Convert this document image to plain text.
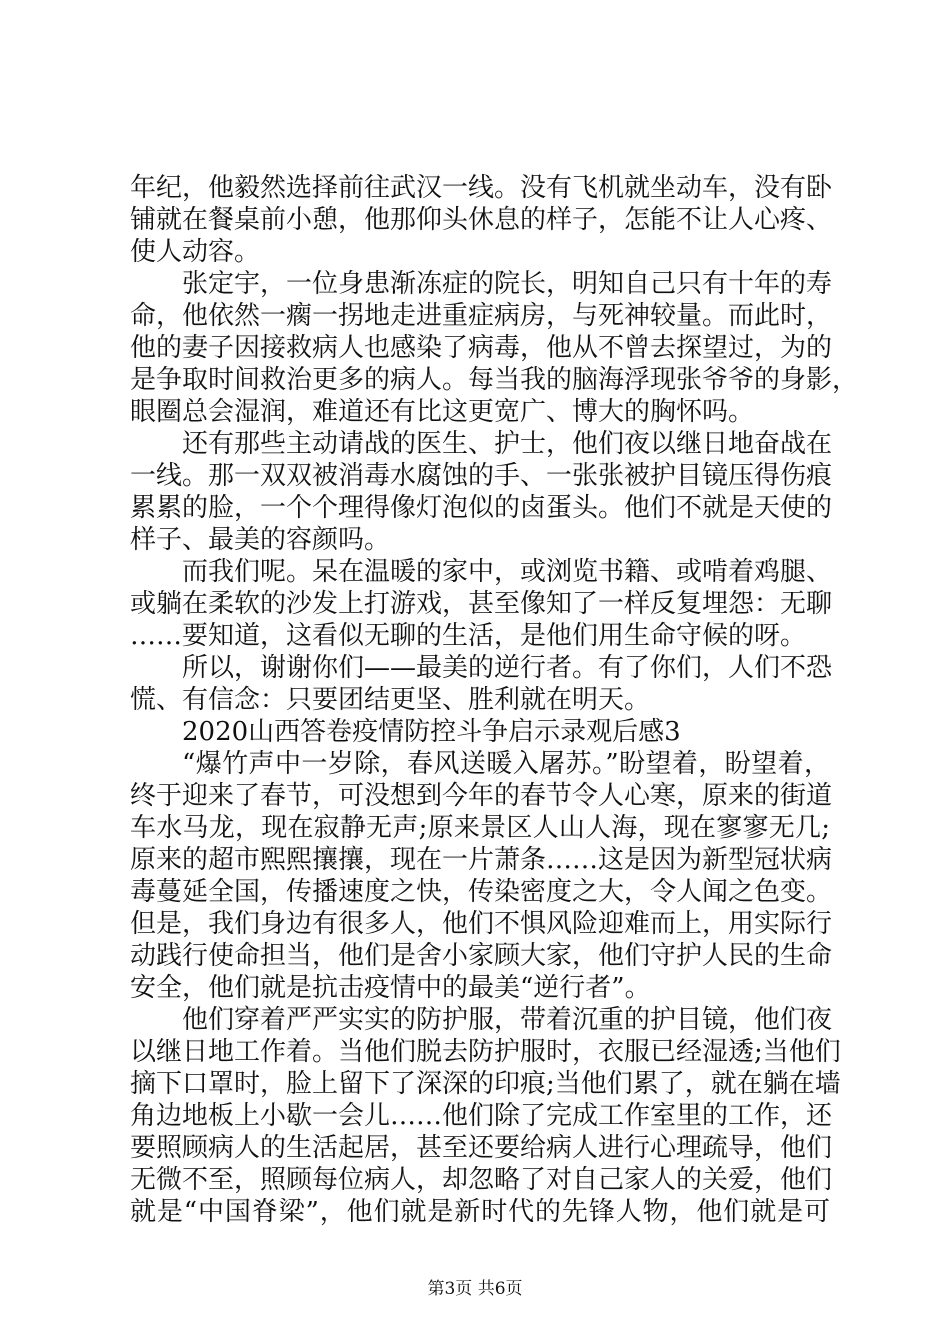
年纪，他毅然选择前往武汉一线。没有飞机就坐动车，没有卧
铺就在餐桌前小憩，他那仰头休息的样子，怎能不让人心疼、
使人动容。
张定宇，一位身患渐冻症的院长，明知自己只有十年的寿
命，他依然一瘸一拐地走进重症病房，与死神较量。而此时，
他的妻子因接救病人也感染了病毒，他从不曾去探望过，为的
是争取时间救治更多的病人。每当我的脑海浮现张爷爷的身影，
眼圈总会湿润，难道还有比这更宽广、博大的胸怀吗。
还有那些主动请战的医生、护士，他们夜以继日地奋战在
一线。那一双双被消毒水腐蚀的手、一张张被护目镜压得伤痕
累累的脸，一个个理得像灯泡似的卤蛋头。他们不就是天使的
样子、最美的容颜吗。
而我们呢。呆在温暖的家中，或浏览书籍、或啃着鸡腿、
或躺在柔软的沙发上打游戏，甚至像知了一样反复埋怨：无聊
……要知道，这看似无聊的生活，是他们用生命守候的呀。
所以，谢谢你们——最美的逆行者。有了你们，人们不恐
慌、有信念：只要团结更坚、胜利就在明天。
2020山西答卷疫情防控斗争启示录观后感3
“爆竹声中一岁除，春风送暖入屠苏。”盼望着，盼望着，
终于迎来了春节，可没想到今年的春节令人心寒，原来的街道
车水马龙，现在寂静无声;原来景区人山人海，现在寥寥无几;
原来的超市熙熙攘攘，现在一片萧条……这是因为新型冠状病
毒蔓延全国，传播速度之快，传染密度之大，令人闻之色变。
但是，我们身边有很多人，他们不惧风险迎难而上，用实际行
动践行使命担当，他们是舍小家顾大家，他们守护人民的生命
安全，他们就是抗击疫情中的最美“逆行者”。
他们穿着严严实实的防护服，带着沉重的护目镜，他们夜
以继日地工作着。当他们脱去防护服时，衣服已经湿透;当他们
摘下口罩时，脸上留下了深深的印痕;当他们累了，就在躺在墙
角边地板上小歇一会儿……他们除了完成工作室里的工作，还
要照顾病人的生活起居，甚至还要给病人进行心理疏导，他们
无微不至，照顾每位病人，却忽略了对自己家人的关爱，他们
就是“中国脊梁”，他们就是新时代的先锋人物，他们就是可
第3页 共6页
